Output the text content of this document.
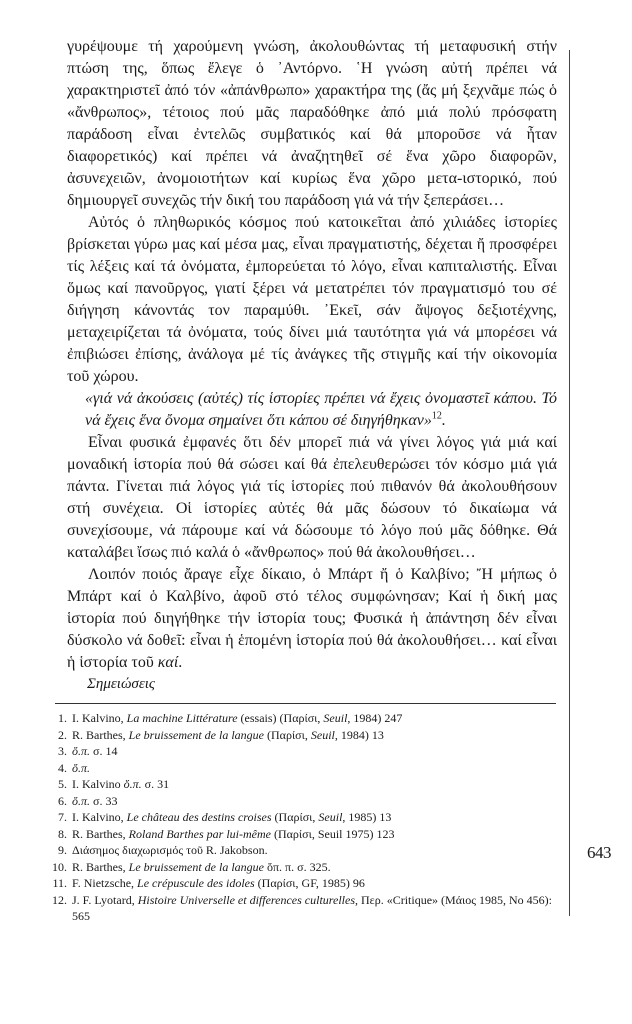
γυρέψουμε τή χαρούμενη γνώση, ἀκολουθώντας τή μεταφυσική στήν πτώση της, ὅπως ἔλεγε ὁ ᾿Αντόρνο. ῾Η γνώση αὐτή πρέπει νά χαρακτηριστεῖ ἀπό τόν «ἀπάνθρωπο» χαρακτήρα της (ἄς μή ξεχνᾶμε πώς ὁ «ἄνθρωπος», τέτοιος πού μᾶς παραδόθηκε ἀπό μιά πολύ πρόσφατη παράδοση εἶναι ἐντελῶς συμβατικός καί θά μποροῦσε νά ἦταν διαφορετικός) καί πρέπει νά ἀναζητηθεῖ σέ ἕνα χῶρο διαφορῶν, ἀσυνεχειῶν, ἀνομοιοτήτων καί κυρίως ἕνα χῶρο μετα-ιστορικό, πού δημιουργεῖ συνεχῶς τήν δική του παράδοση γιά νά τήν ξεπεράσει…

Αὐτός ὁ πληθωρικός κόσμος πού κατοικεῖται ἀπό χιλιάδες ἱστορίες βρίσκεται γύρω μας καί μέσα μας, εἶναι πραγματιστής, δέχεται ἤ προσφέρει τίς λέξεις καί τά ὀνόματα, ἐμπορεύεται τό λόγο, εἶναι καπιταλιστής. Εἶναι ὅμως καί πανοῦργος, γιατί ξέρει νά μετατρέπει τόν πραγματισμό του σέ διήγηση κάνοντάς τον παραμύθι. ᾿Εκεῖ, σάν ἄψογος δεξιοτέχνης, μεταχειρίζεται τά ὀνόματα, τούς δίνει μιά ταυτότητα γιά νά μπορέσει νά ἐπιβιώσει ἐπίσης, ἀνάλογα μέ τίς ἀνάγκες τῆς στιγμῆς καί τήν οἰκονομία τοῦ χώρου.

«γιά νά ἀκούσεις (αὐτές) τίς ἱστορίες πρέπει νά ἔχεις ὀνομαστεῖ κάπου. Τό νά ἔχεις ἕνα ὄνομα σημαίνει ὅτι κάπου σέ διηγήθηκαν»$^{12}$.

Εἶναι φυσικά ἐμφανές ὅτι δέν μπορεῖ πιά νά γίνει λόγος γιά μιά καί μοναδική ἱστορία πού θά σώσει καί θά ἐπελευθερώσει τόν κόσμο μιά γιά πάντα. Γίνεται πιά λόγος γιά τίς ἱστορίες πού πιθανόν θά ἀκολουθήσουν στή συνέχεια. Οἱ ἱστορίες αὐτές θά μᾶς δώσουν τό δικαίωμα νά συνεχίσουμε, νά πάρουμε καί νά δώσουμε τό λόγο πού μᾶς δόθηκε. Θά καταλάβει ἴσως πιό καλά ὁ «ἄνθρωπος» πού θά ἀκολουθήσει…

Λοιπόν ποιός ἄραγε εἶχε δίκαιο, ὁ Μπάρτ ἤ ὁ Καλβίνο; Ἤ μήπως ὁ Μπάρτ καί ὁ Καλβίνο, ἀφοῦ στό τέλος συμφώνησαν; Καί ἡ δική μας ἱστορία πού διηγήθηκε τήν ἱστορία τους; Φυσικά ἡ ἀπάντηση δέν εἶναι δύσκολο νά δοθεῖ: εἶναι ἡ ἑπομένη ἱστορία πού θά ἀκολουθήσει… καί εἶναι ἡ ἱστορία τοῦ καί.

Σημειώσεις
1. I. Kalvino, La machine Littérature (essais) (Παρίσι, Seuil, 1984) 247
2. R. Barthes, Le bruissement de la langue (Παρίσι, Seuil, 1984) 13
3. ὅ.π. σ. 14
4. ὅ.π.
5. I. Kalvino ὅ.π. σ. 31
6. ὅ.π. σ. 33
7. I. Kalvino, Le château des destins croises (Παρίσι, Seuil, 1985) 13
8. R. Barthes, Roland Barthes par lui-même (Παρίσι, Seuil 1975) 123
9. Διάσημος διαχωρισμός τοῦ R. Jakobson.
10. R. Barthes, Le bruissement de la langue ὅπ. π. σ. 325.
11. F. Nietzsche, Le crépuscule des idoles (Παρίσι, GF, 1985) 96
12. J. F. Lyotard, Histoire Universelle et differences culturelles, Περ. «Critique» (Μάιος 1985, No 456): 565
643
